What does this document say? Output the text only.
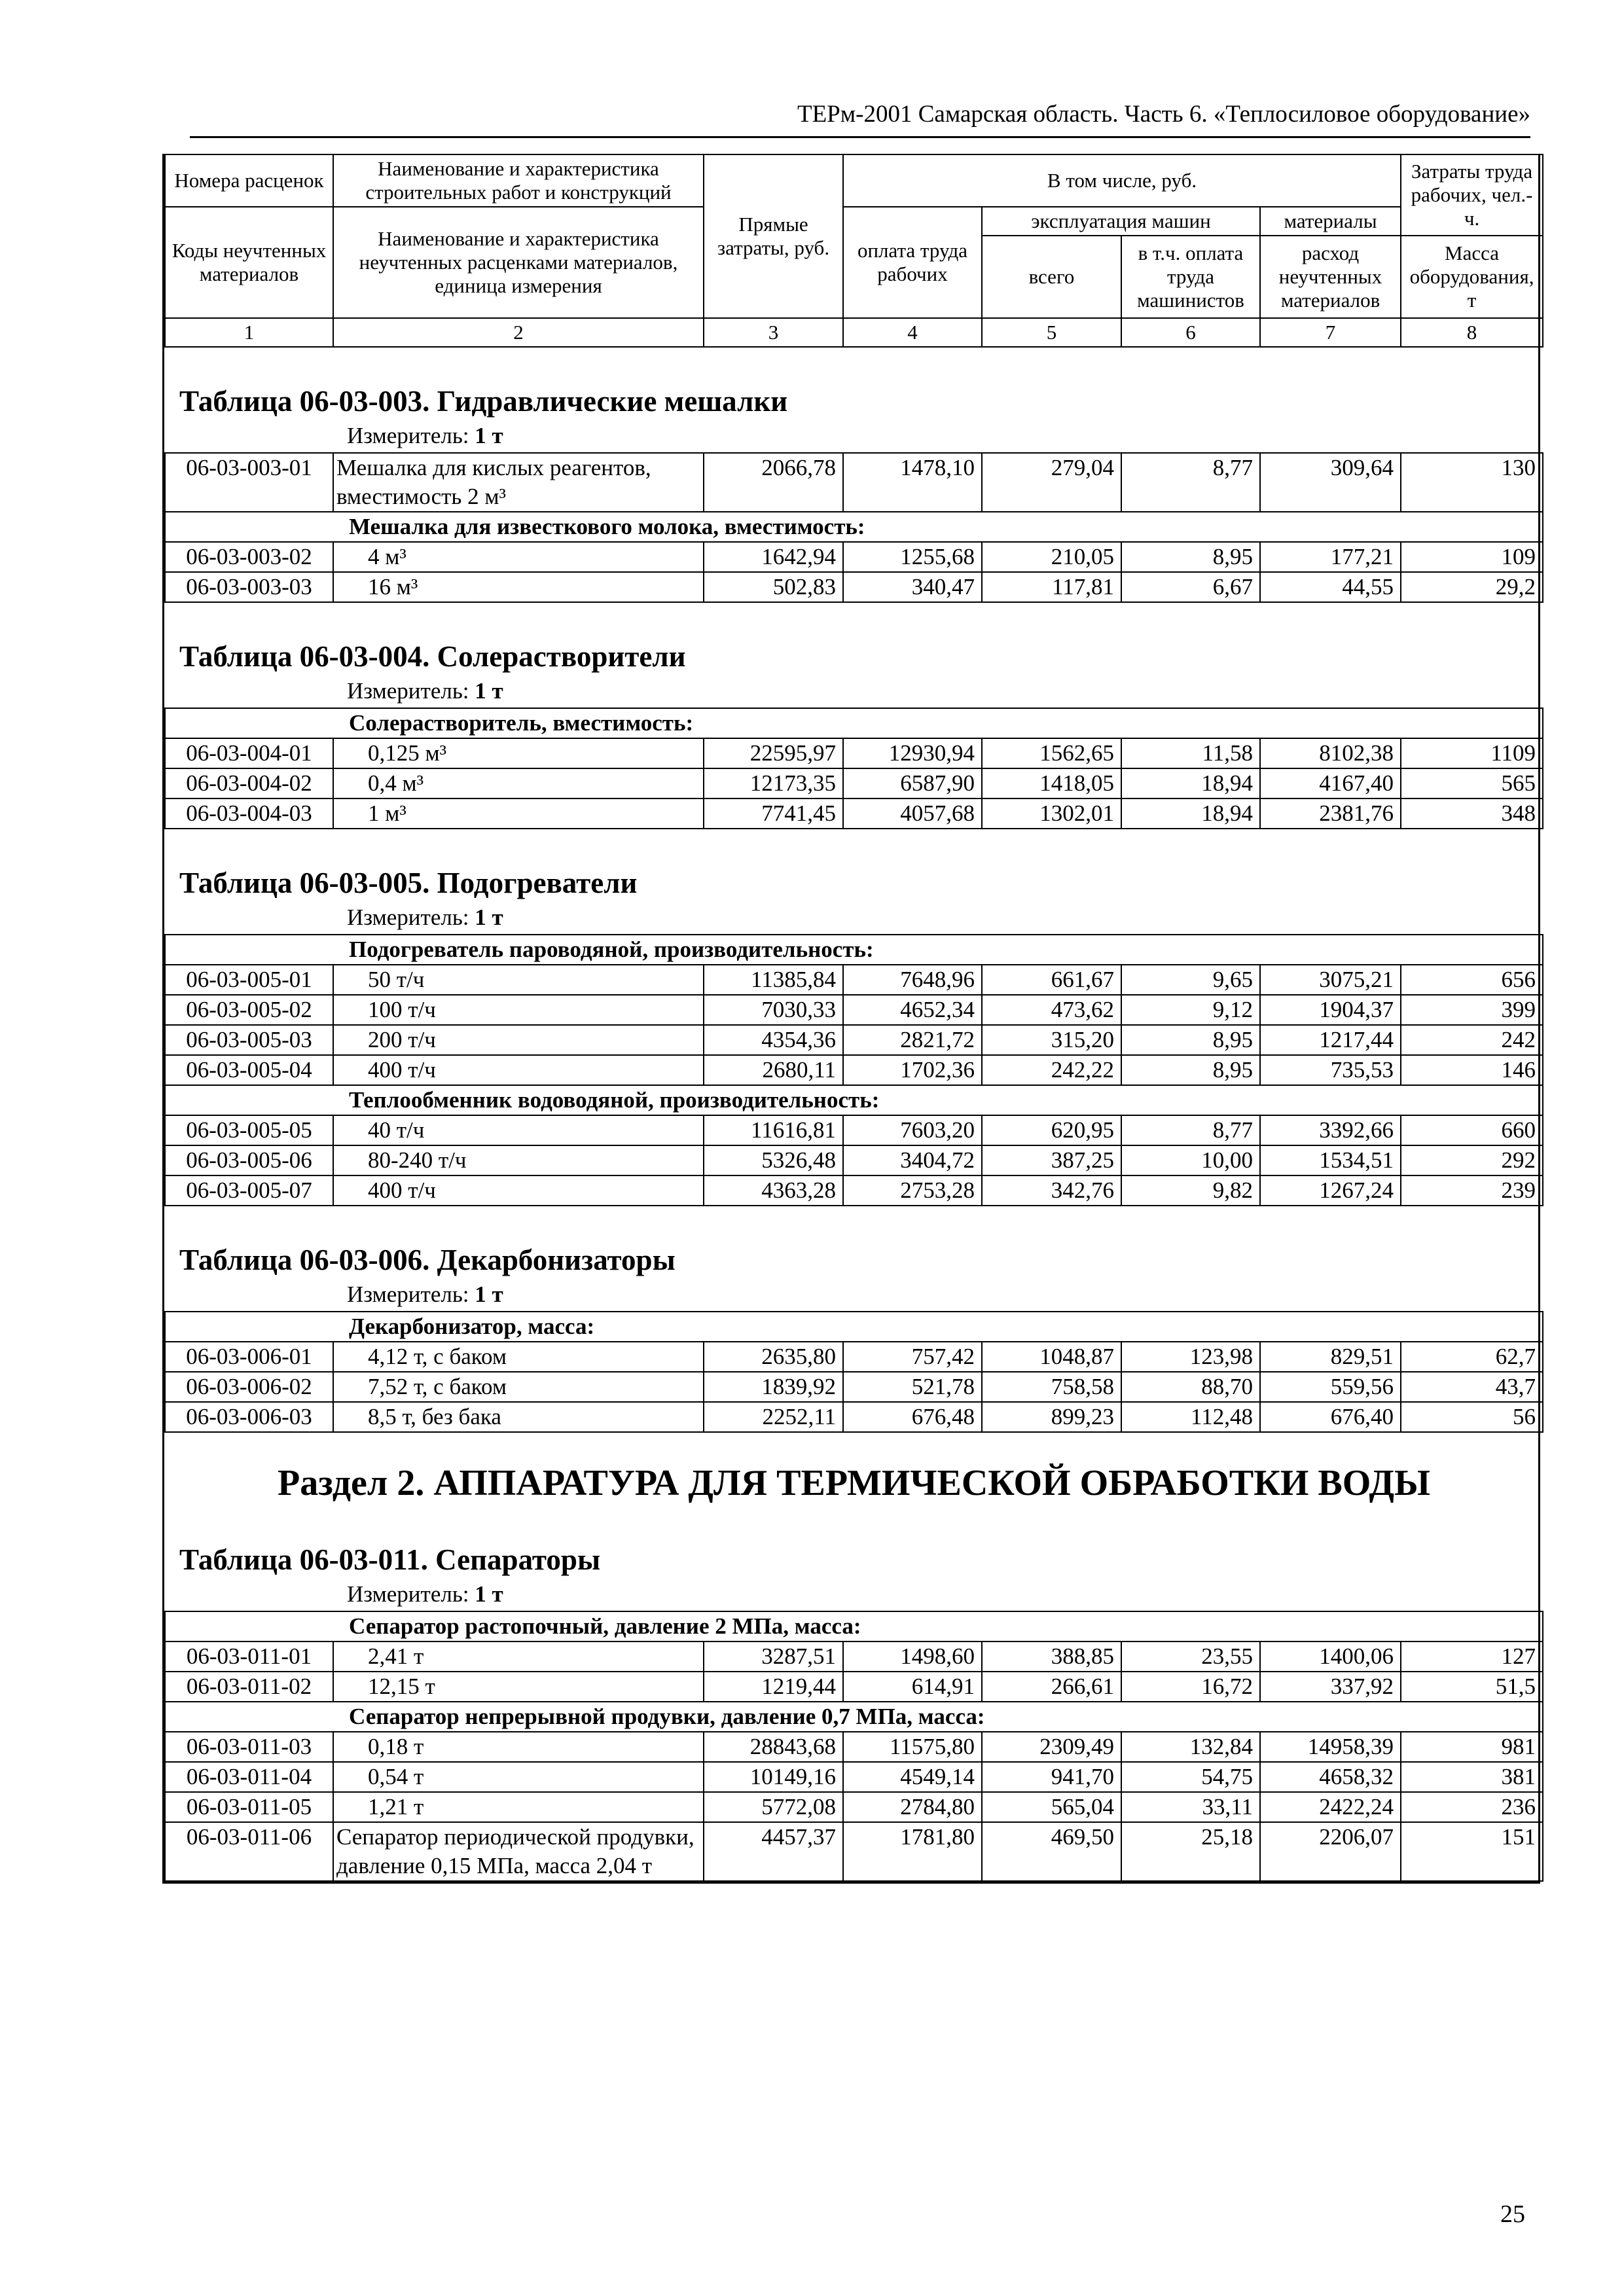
ТЕРм-2001 Самарская область. Часть 6. «Теплосиловое оборудование»
Номера расценок	Наименование и характеристика строительных работ и конструкций	Прямые затраты, руб.	В том числе, руб.				Затраты труда рабочих, чел.-ч.
Коды неучтенных материалов	Наименование и характеристика неучтенных расценками материалов, единица измерения		оплата труда рабочих	эксплуатация машин		материалы	
				всего	в т.ч. оплата труда машинистов	расход неучтенных материалов	Масса оборудования, т
1	2	3	4	5	6	7	8

Таблица 06-03-003. Гидравлические мешалки
Измеритель: 1 т							

06-03-003-01	Мешалка для кислых реагентов, вместимость 2 м³	2066,78	1478,10	279,04	8,77	309,64	130
Мешалка для известкового молока, вместимость:							
06-03-003-02	4 м³	1642,94	1255,68	210,05	8,95	177,21	109
06-03-003-03	16 м³	502,83	340,47	117,81	6,67	44,55	29,2

Таблица 06-03-004. Солерастворители
Измеритель: 1 т							

Солерастворитель, вместимость:							
06-03-004-01	0,125 м³	22595,97	12930,94	1562,65	11,58	8102,38	1109
06-03-004-02	0,4 м³	12173,35	6587,90	1418,05	18,94	4167,40	565
06-03-004-03	1 м³	7741,45	4057,68	1302,01	18,94	2381,76	348

Таблица 06-03-005. Подогреватели
Измеритель: 1 т							

Подогреватель пароводяной, производительность:							
06-03-005-01	50 т/ч	11385,84	7648,96	661,67	9,65	3075,21	656
06-03-005-02	100 т/ч	7030,33	4652,34	473,62	9,12	1904,37	399
06-03-005-03	200 т/ч	4354,36	2821,72	315,20	8,95	1217,44	242
06-03-005-04	400 т/ч	2680,11	1702,36	242,22	8,95	735,53	146
Теплообменник водоводяной, производительность:							
06-03-005-05	40 т/ч	11616,81	7603,20	620,95	8,77	3392,66	660
06-03-005-06	80-240 т/ч	5326,48	3404,72	387,25	10,00	1534,51	292
06-03-005-07	400 т/ч	4363,28	2753,28	342,76	9,82	1267,24	239

Таблица 06-03-006. Декарбонизаторы
Измеритель: 1 т							

Декарбонизатор, масса:							
06-03-006-01	4,12 т, с баком	2635,80	757,42	1048,87	123,98	829,51	62,7
06-03-006-02	7,52 т, с баком	1839,92	521,78	758,58	88,70	559,56	43,7
06-03-006-03	8,5 т, без бака	2252,11	676,48	899,23	112,48	676,40	56

Раздел 2. АППАРАТУРА ДЛЯ ТЕРМИЧЕСКОЙ ОБРАБОТКИ ВОДЫ
Таблица 06-03-011. Сепараторы
Измеритель: 1 т							

Сепаратор растопочный, давление 2 МПа, масса:							
06-03-011-01	2,41 т	3287,51	1498,60	388,85	23,55	1400,06	127
06-03-011-02	12,15 т	1219,44	614,91	266,61	16,72	337,92	51,5
Сепаратор непрерывной продувки, давление 0,7 МПа, масса:							
06-03-011-03	0,18 т	28843,68	11575,80	2309,49	132,84	14958,39	981
06-03-011-04	0,54 т	10149,16	4549,14	941,70	54,75	4658,32	381
06-03-011-05	1,21 т	5772,08	2784,80	565,04	33,11	2422,24	236
06-03-011-06	Сепаратор периодической продувки, давление 0,15 МПа, масса 2,04 т	4457,37	1781,80	469,50	25,18	2206,07	151
25
